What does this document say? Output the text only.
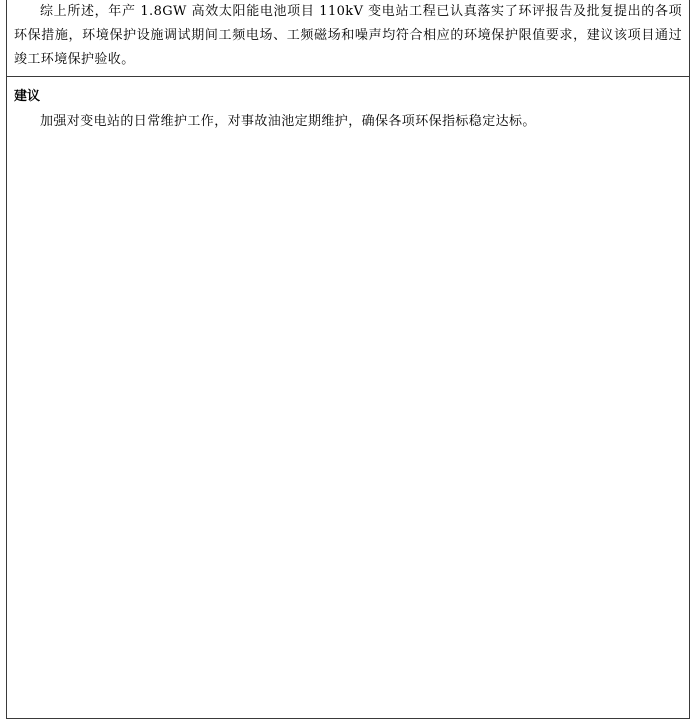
综上所述，年产 1.8GW 高效太阳能电池项目 110kV 变电站工程已认真落实了环评报告及批复提出的各项环保措施，环境保护设施调试期间工频电场、工频磁场和噪声均符合相应的环境保护限值要求，建议该项目通过竣工环境保护验收。

建议

加强对变电站的日常维护工作，对事故油池定期维护，确保各项环保指标稳定达标。
